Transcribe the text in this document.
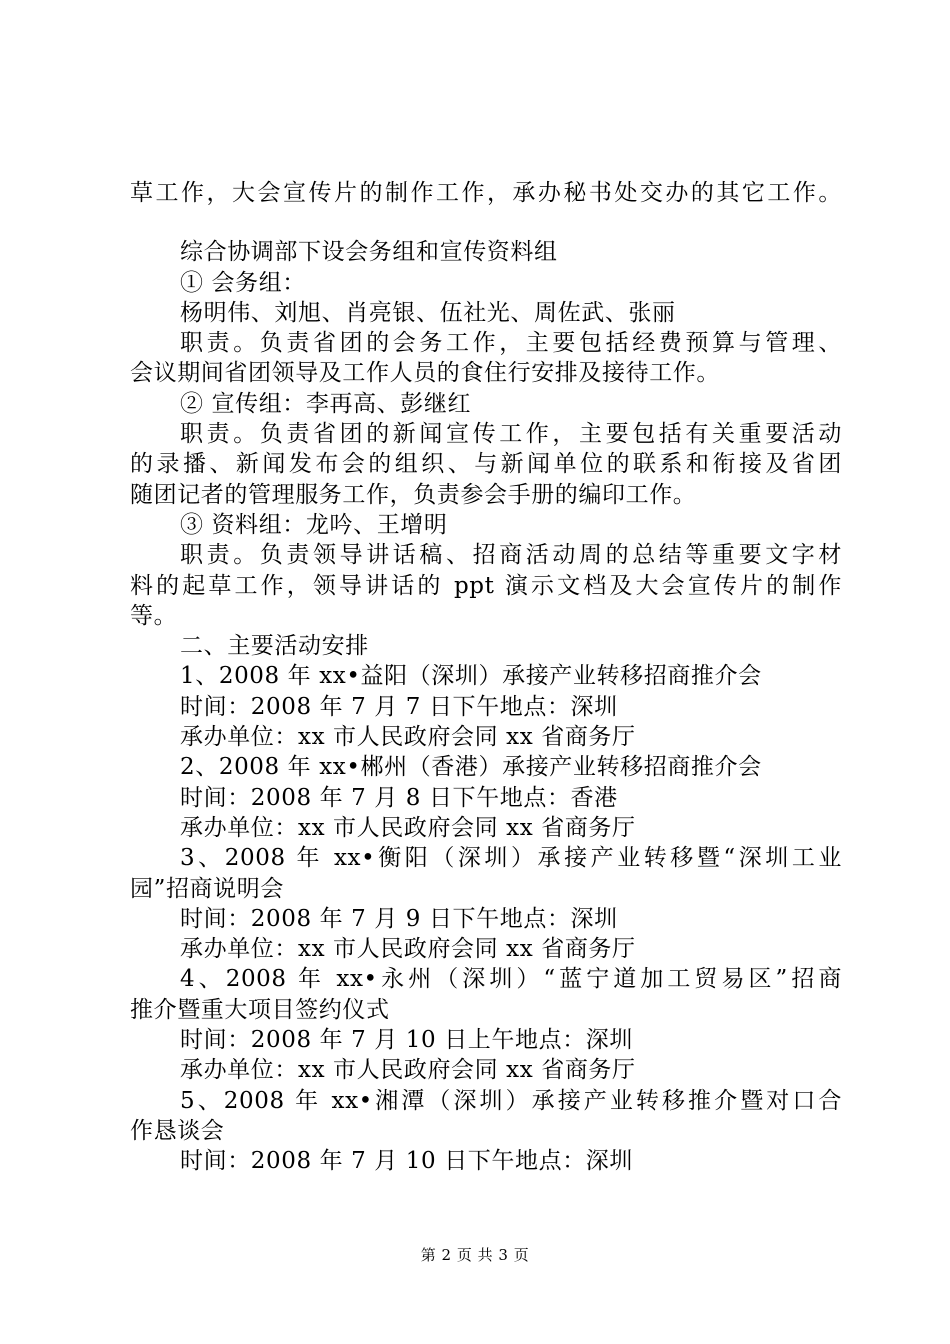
草工作，大会宣传片的制作工作，承办秘书处交办的其它工作。
综合协调部下设会务组和宣传资料组
① 会务组：
杨明伟、刘旭、肖亮银、伍社光、周佐武、张丽
职责。负责省团的会务工作，主要包括经费预算与管理、
会议期间省团领导及工作人员的食住行安排及接待工作。
② 宣传组：李再高、彭继红
职责。负责省团的新闻宣传工作，主要包括有关重要活动
的录播、新闻发布会的组织、与新闻单位的联系和衔接及省团
随团记者的管理服务工作，负责参会手册的编印工作。
③ 资料组：龙吟、王增明
职责。负责领导讲话稿、招商活动周的总结等重要文字材
料的起草工作，领导讲话的 ppt 演示文档及大会宣传片的制作
等。
二、主要活动安排
1、2008 年 xx•益阳（深圳）承接产业转移招商推介会
时间：2008 年 7 月 7 日下午地点：深圳
承办单位：xx 市人民政府会同 xx 省商务厅
2、2008 年 xx•郴州（香港）承接产业转移招商推介会
时间：2008 年 7 月 8 日下午地点：香港
承办单位：xx 市人民政府会同 xx 省商务厅
3、2008 年 xx•衡阳（深圳）承接产业转移暨“深圳工业
园”招商说明会
时间：2008 年 7 月 9 日下午地点：深圳
承办单位：xx 市人民政府会同 xx 省商务厅
4、2008 年 xx•永州（深圳）“蓝宁道加工贸易区”招商
推介暨重大项目签约仪式
时间：2008 年 7 月 10 日上午地点：深圳
承办单位：xx 市人民政府会同 xx 省商务厅
5、2008 年 xx•湘潭（深圳）承接产业转移推介暨对口合
作恳谈会
时间：2008 年 7 月 10 日下午地点：深圳
第 2 页 共 3 页
